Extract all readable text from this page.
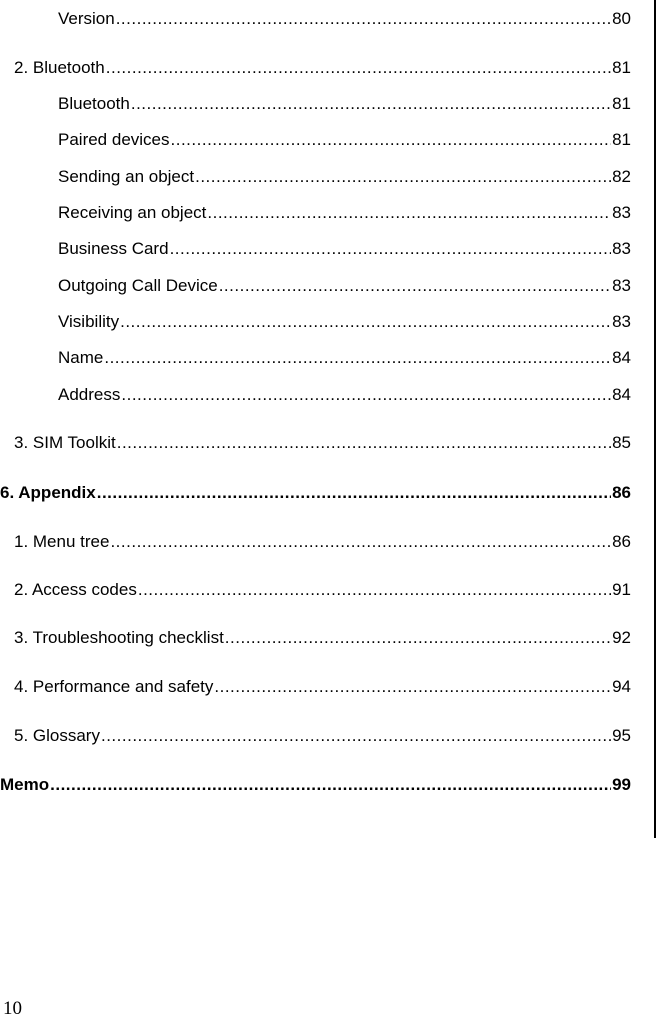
Version .....	80
2. Bluetooth .....	81
Bluetooth .....	81
Paired devices .....	81
Sending an object .....	82
Receiving an object .....	83
Business Card .....	83
Outgoing Call Device .....	83
Visibility .....	83
Name .....	84
Address .....	84
3. SIM Toolkit .....	85
6. Appendix .....	86
1. Menu tree .....	86
2. Access codes .....	91
3. Troubleshooting checklist .....	92
4. Performance and safety .....	94
5. Glossary .....	95
Memo .....	99
10
